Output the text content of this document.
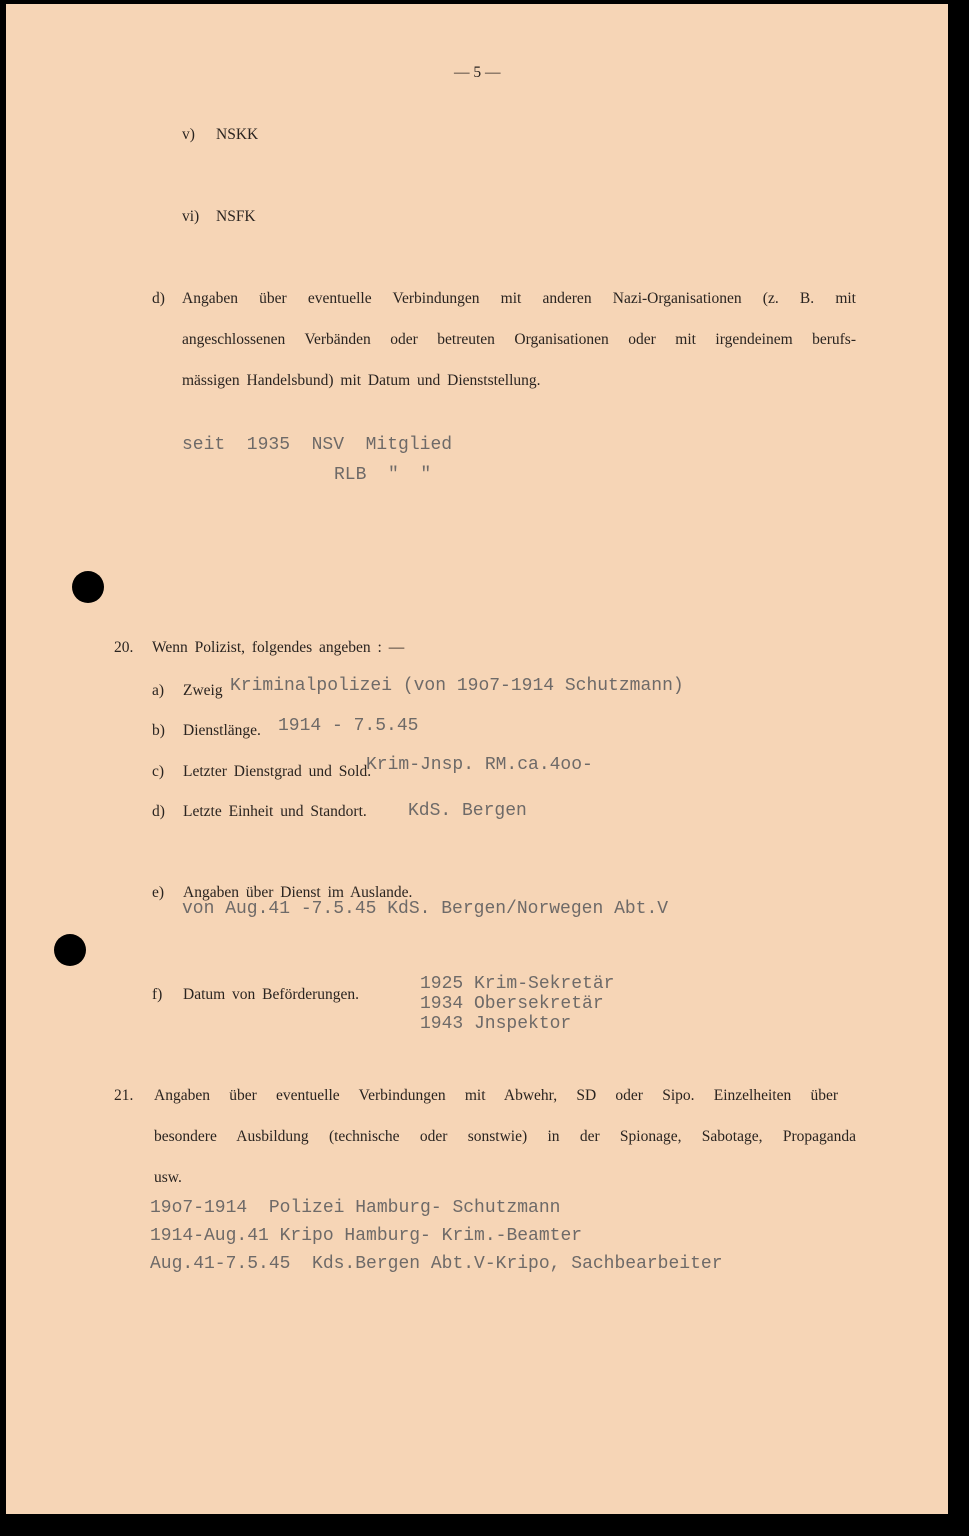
— 5 —
v) NSKK
vi) NSFK
d) Angaben über eventuelle Verbindungen mit anderen Nazi-Organisationen (z. B. mit
angeschlossenen Verbänden oder betreuten Organisationen oder mit irgendeinem berufs-
mässigen Handelsbund) mit Datum und Dienststellung.
seit  1935  NSV  Mitglied
RLB  "  "
20. Wenn Polizist, folgendes angeben : —
a) Zweig Kriminalpolizei (von 19o7-1914 Schutzmann)
b) Dienstlänge. 1914 - 7.5.45
c) Letzter Dienstgrad und Sold.
Krim-Jnsp. RM.ca.4oo-
d) Letzte Einheit und Standort. KdS. Bergen
e) Angaben über Dienst im Auslande.
von Aug.41 -7.5.45 KdS. Bergen/Norwegen Abt.V
f) Datum von Beförderungen.
1925 Krim-Sekretär
1934 Obersekretär
1943 Jnspektor
21. Angaben über eventuelle Verbindungen mit Abwehr, SD oder Sipo. Einzelheiten über
besondere Ausbildung (technische oder sonstwie) in der Spionage, Sabotage, Propaganda
usw.
19o7-1914  Polizei Hamburg- Schutzmann
1914-Aug.41 Kripo Hamburg- Krim.-Beamter
Aug.41-7.5.45  Kds.Bergen Abt.V-Kripo, Sachbearbeiter
